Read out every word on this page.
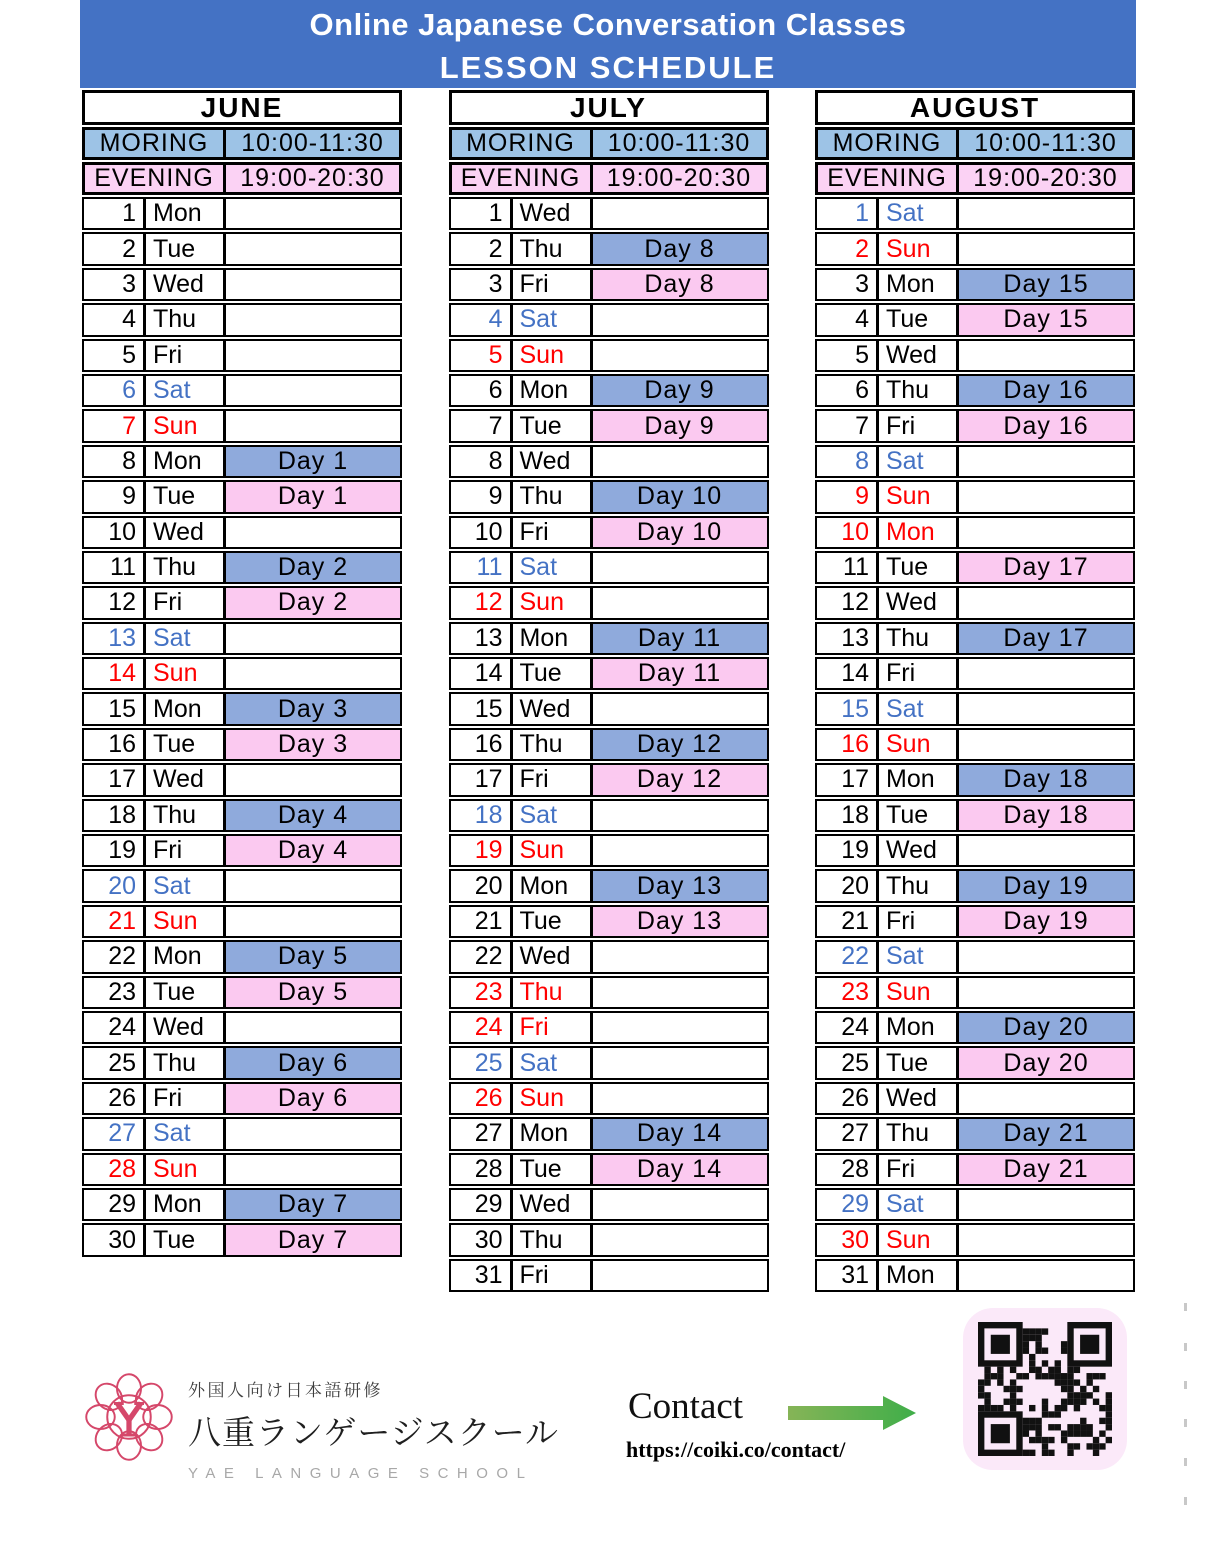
Online Japanese Conversation Classes
LESSON SCHEDULE
JUNE
MORING	10:00-11:30
EVENING	19:00-20:30
1 Mon
2 Tue
3 Wed
4 Thu
5 Fri
6 Sat
7 Sun
8 Mon	Day 1
9 Tue	Day 1
10 Wed
11 Thu	Day 2
12 Fri	Day 2
13 Sat
14 Sun
15 Mon	Day 3
16 Tue	Day 3
17 Wed
18 Thu	Day 4
19 Fri	Day 4
20 Sat
21 Sun
22 Mon	Day 5
23 Tue	Day 5
24 Wed
25 Thu	Day 6
26 Fri	Day 6
27 Sat
28 Sun
29 Mon	Day 7
30 Tue	Day 7
JULY
MORING	10:00-11:30
EVENING	19:00-20:30
1 Wed
2 Thu	Day 8
3 Fri	Day 8
4 Sat
5 Sun
6 Mon	Day 9
7 Tue	Day 9
8 Wed
9 Thu	Day 10
10 Fri	Day 10
11 Sat
12 Sun
13 Mon	Day 11
14 Tue	Day 11
15 Wed
16 Thu	Day 12
17 Fri	Day 12
18 Sat
19 Sun
20 Mon	Day 13
21 Tue	Day 13
22 Wed
23 Thu
24 Fri
25 Sat
26 Sun
27 Mon	Day 14
28 Tue	Day 14
29 Wed
30 Thu
31 Fri
AUGUST
MORING	10:00-11:30
EVENING	19:00-20:30
1 Sat
2 Sun
3 Mon	Day 15
4 Tue	Day 15
5 Wed
6 Thu	Day 16
7 Fri	Day 16
8 Sat
9 Sun
10 Mon
11 Tue	Day 17
12 Wed
13 Thu	Day 17
14 Fri
15 Sat
16 Sun
17 Mon	Day 18
18 Tue	Day 18
19 Wed
20 Thu	Day 19
21 Fri	Day 19
22 Sat
23 Sun
24 Mon	Day 20
25 Tue	Day 20
26 Wed
27 Thu	Day 21
28 Fri	Day 21
29 Sat
30 Sun
31 Mon
外国人向け日本語研修
八重ランゲージスクール
YAE LANGUAGE SCHOOL
Contact
https://coiki.co/contact/
